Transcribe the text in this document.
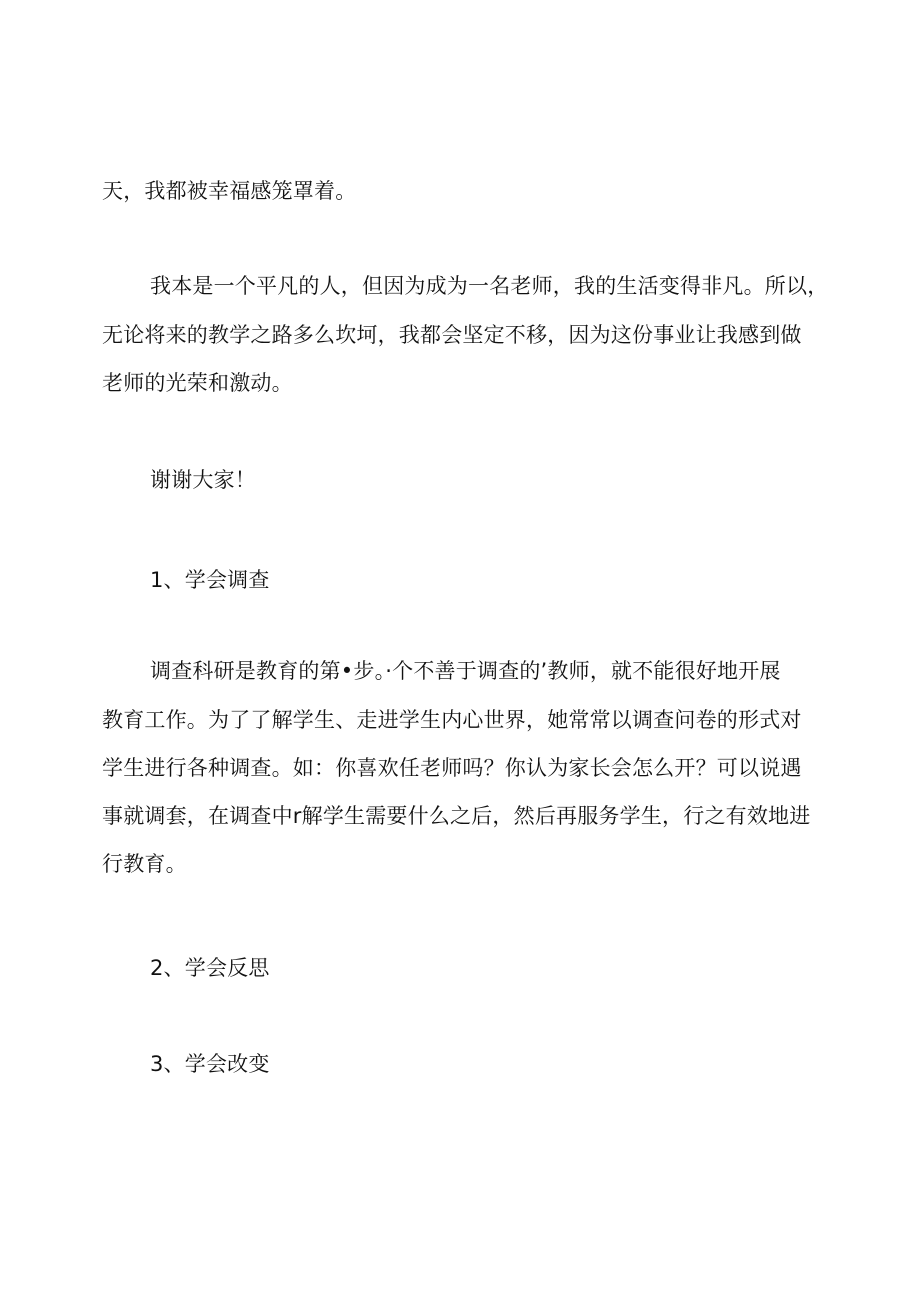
天，我都被幸福感笼罩着。
我本是一个平凡的人，但因为成为一名老师，我的生活变得非凡。所以，
无论将来的教学之路多么坎坷，我都会坚定不移，因为这份事业让我感到做
老师的光荣和激动。
谢谢大家！
1、学会调查
调查科研是教育的第•步。·个不善于调查的’教师，就不能很好地开展
教育工作。为了了解学生、走进学生内心世界，她常常以调查问卷的形式对
学生进行各种调查。如：你喜欢任老师吗？你认为家长会怎么开？可以说遇
事就调套，在调查中r解学生需要什么之后，然后再服务学生，行之有效地进
行教育。
2、学会反思
3、学会改变
